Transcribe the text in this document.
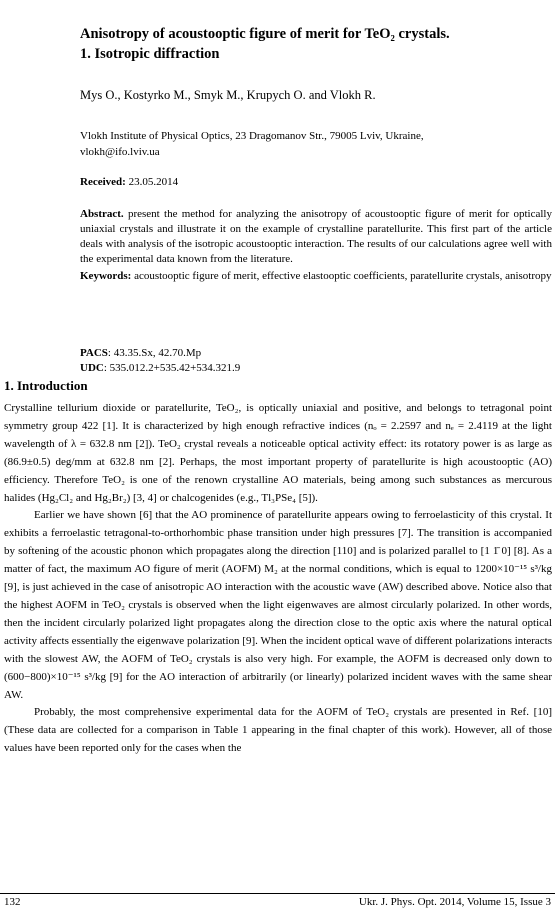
Anisotropy of acoustooptic figure of merit for TeO₂ crystals.
1. Isotropic diffraction
Mys O., Kostyrko M., Smyk M., Krupych O. and Vlokh R.
Vlokh Institute of Physical Optics, 23 Dragomanov Str., 79005 Lviv, Ukraine,
vlokh@ifo.lviv.ua
Received: 23.05.2014
Abstract. present the method for analyzing the anisotropy of acoustooptic figure of merit for optically uniaxial crystals and illustrate it on the example of crystalline paratellurite. This first part of the article deals with analysis of the isotropic acoustooptic interaction. The results of our calculations agree well with the experimental data known from the literature.
Keywords: acoustooptic figure of merit, effective elastooptic coefficients, paratellurite crystals, anisotropy
PACS: 43.35.Sx, 42.70.Mp
UDC: 535.012.2+535.42+534.321.9
1. Introduction

Crystalline tellurium dioxide or paratellurite, TeO₂, is optically uniaxial and positive, and belongs to tetragonal point symmetry group 422 [1]. It is characterized by high enough refractive indices (nₒ = 2.2597 and nₑ = 2.4119 at the light wavelength of λ = 632.8 nm [2]). TeO₂ crystal reveals a noticeable optical activity effect: its rotatory power is as large as (86.9±0.5) deg/mm at 632.8 nm [2]. Perhaps, the most important property of paratellurite is high acoustooptic (AO) efficiency. Therefore TeO₂ is one of the renown crystalline AO materials, being among such substances as mercurous halides (Hg₂Cl₂ and Hg₂Br₂) [3, 4] or chalcogenides (e.g., Tl₃PSe₄ [5]).

Earlier we have shown [6] that the AO prominence of paratellurite appears owing to ferroelasticity of this crystal. It exhibits a ferroelastic tetragonal-to-orthorhombic phase transition under high pressures [7]. The transition is accompanied by softening of the acoustic phonon which propagates along the direction [110] and is polarized parallel to [1 1̄ 0] [8]. As a matter of fact, the maximum AO figure of merit (AOFM) M₂ at the normal conditions, which is equal to 1200×10⁻¹⁵ s³/kg [9], is just achieved in the case of anisotropic AO interaction with the acoustic wave (AW) described above. Notice also that the highest AOFM in TeO₂ crystals is observed when the light eigenwaves are almost circularly polarized. In other words, then the incident circularly polarized light propagates along the direction close to the optic axis where the natural optical activity affects essentially the eigenwave polarization [9]. When the incident optical wave of different polarizations interacts with the slowest AW, the AOFM of TeO₂ crystals is also very high. For example, the AOFM is decreased only down to (600−800)×10⁻¹⁵ s³/kg [9] for the AO interaction of arbitrarily (or linearly) polarized incident waves with the same shear AW.

Probably, the most comprehensive experimental data for the AOFM of TeO₂ crystals are presented in Ref. [10] (These data are collected for a comparison in Table 1 appearing in the final chapter of this work). However, all of those values have been reported only for the cases when the

132	Ukr. J. Phys. Opt. 2014, Volume 15, Issue 3
